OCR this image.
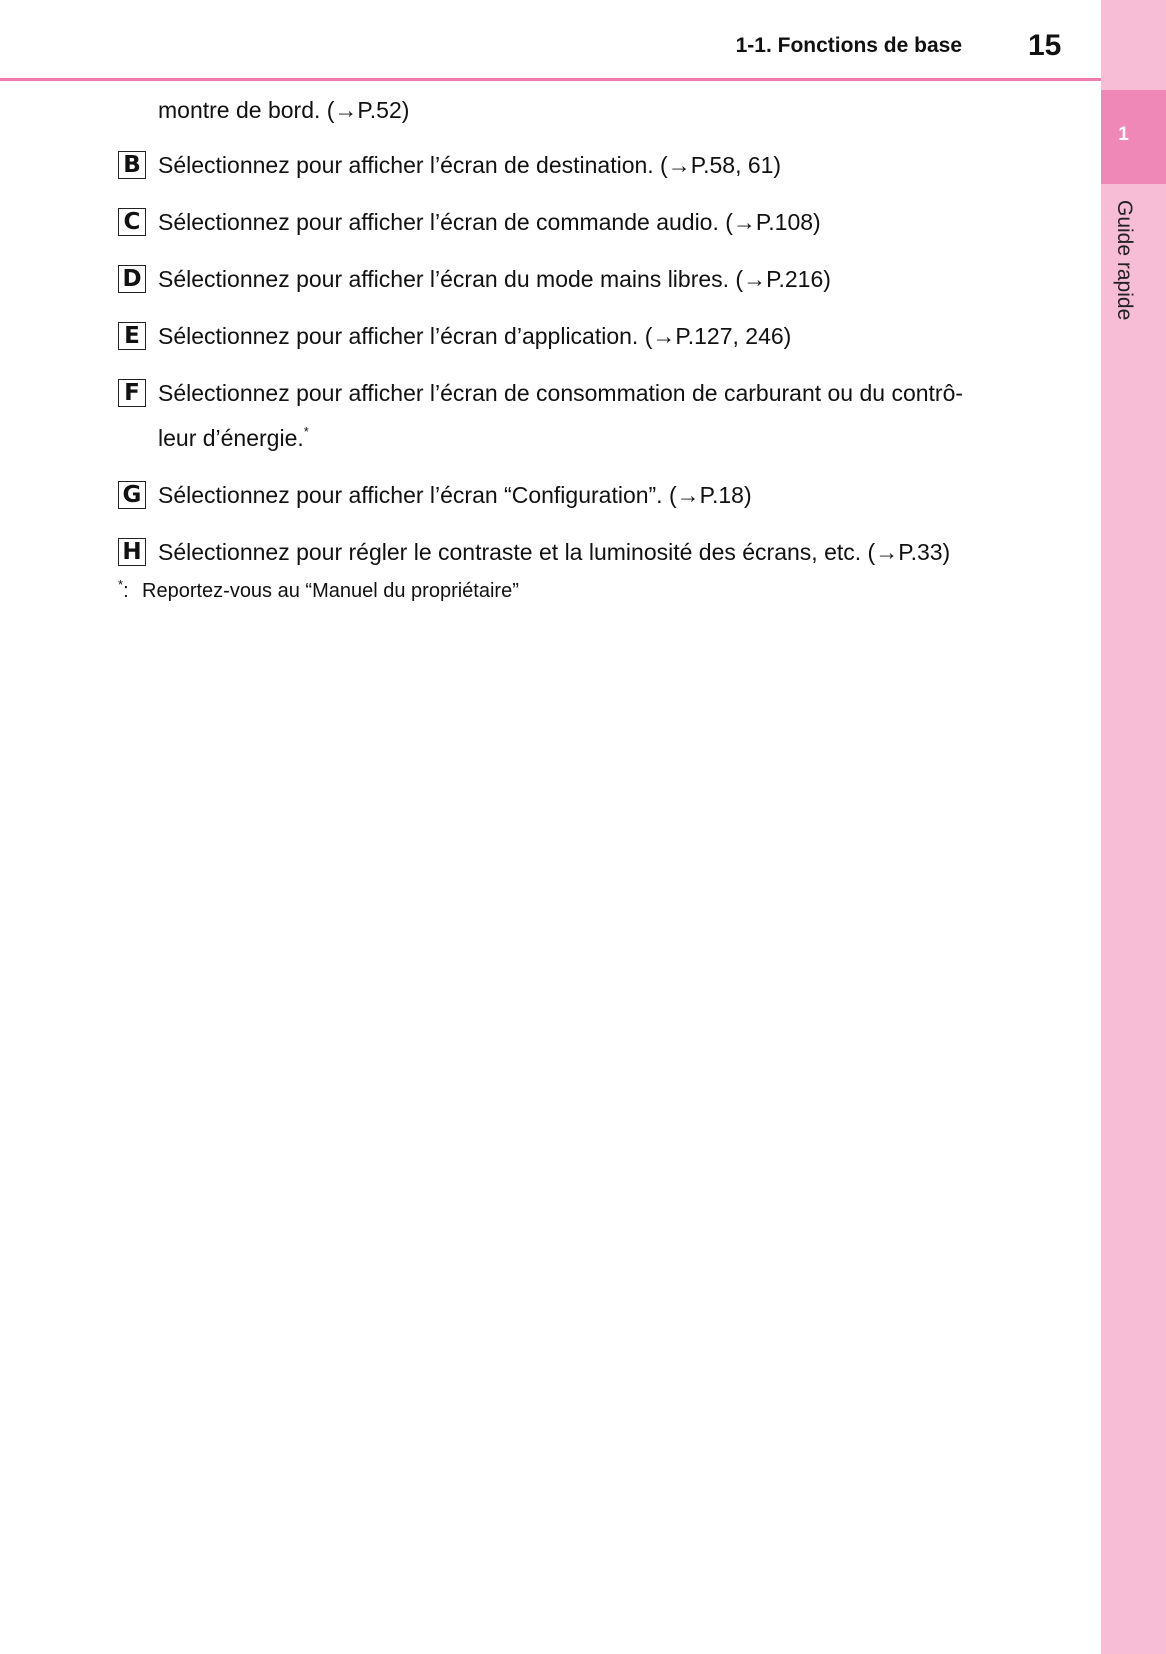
1-1. Fonctions de base 15
1
Guide rapide

montre de bord. (→P.52)

B Sélectionnez pour afficher l’écran de destination. (→P.58, 61)
C Sélectionnez pour afficher l’écran de commande audio. (→P.108)
D Sélectionnez pour afficher l’écran du mode mains libres. (→P.216)
E Sélectionnez pour afficher l’écran d’application. (→P.127, 246)
F Sélectionnez pour afficher l’écran de consommation de carburant ou du contrô-
leur d’énergie.*
G Sélectionnez pour afficher l’écran “Configuration”. (→P.18)
H Sélectionnez pour régler le contraste et la luminosité des écrans, etc. (→P.33)
*: Reportez-vous au “Manuel du propriétaire”
